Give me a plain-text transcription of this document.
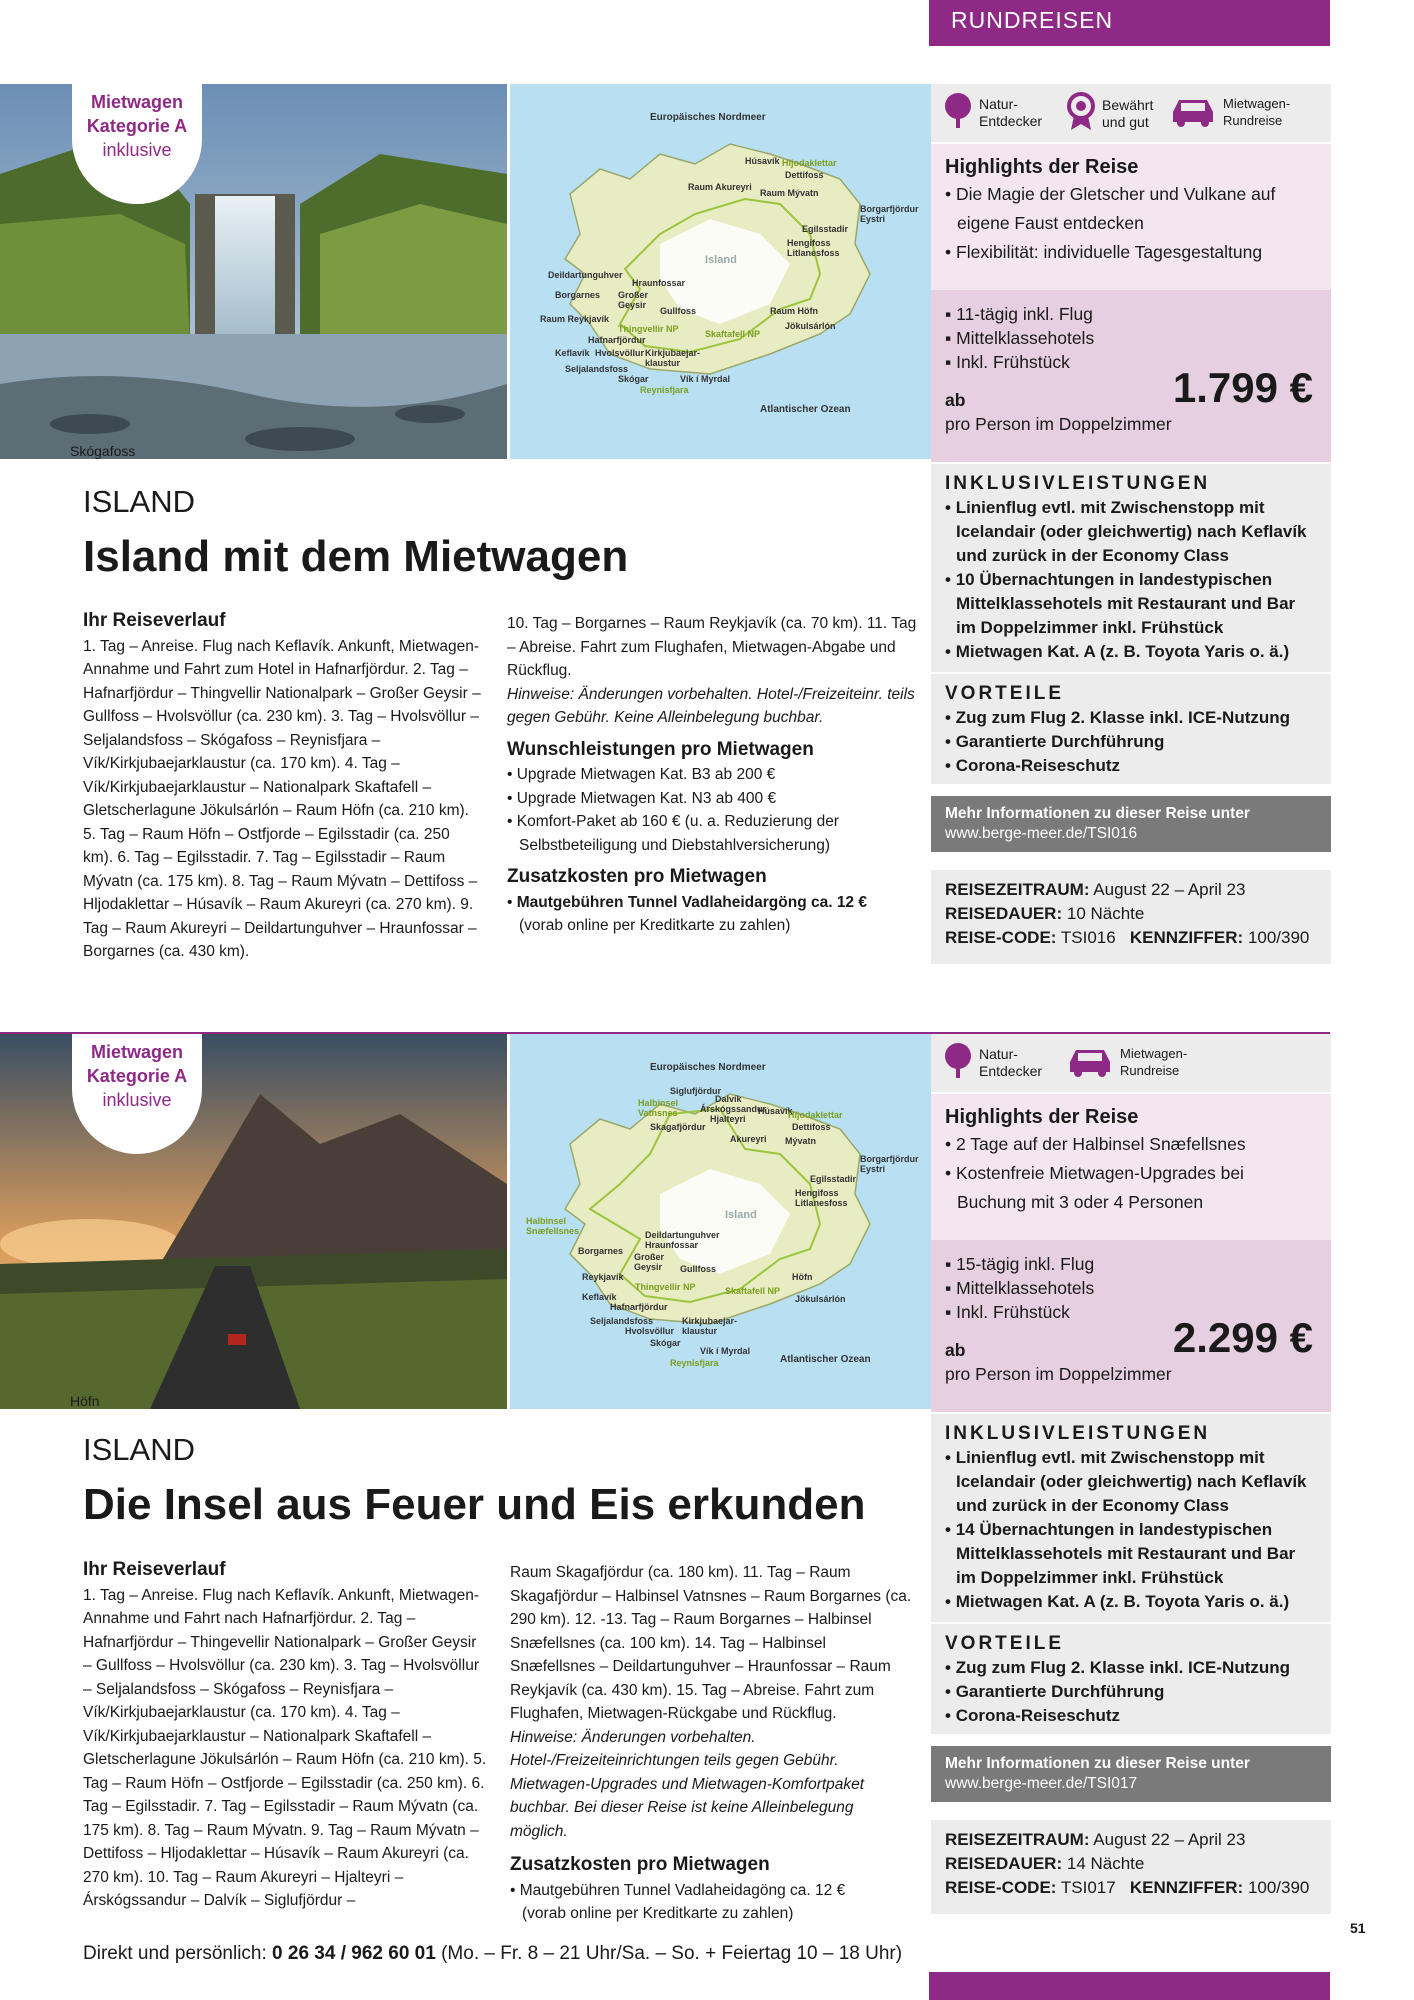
RUNDREISEN
Mietwagen
Kategorie A
inklusive
Skógafoss
Europäisches Nordmeer
Atlantischer Ozean
Island
Húsavík Hljodaklettar
Dettifoss
Raum Akureyri
Raum Mývatn
Borgarfjördur Eystri
Egilsstadir
Hengifoss
Litlanesfoss
Deildartunguhver
Hraunfossar
Borgarnes Großer Geysir
Gullfoss
Raum Reykjavík
Thingvellir NP
Raum Höfn
Hafnarfjördur
Skaftafell NP
Jökulsárlón
Keflavík Hvolsvöllur Kirkjubaejar-klaustur
Seljalandsfoss
Skógar	Vík í Myrdal
Reynisfjara
ISLAND
Island mit dem Mietwagen
Ihr Reiseverlauf
1. Tag – Anreise. Flug nach Keflavík. Ankunft, Mietwagen-Annahme und Fahrt zum Hotel in Hafnarfjördur. 2. Tag – Hafnarfjördur – Thingvellir Nationalpark – Großer Geysir – Gullfoss – Hvolsvöllur (ca. 230 km). 3. Tag – Hvolsvöllur – Seljalandsfoss – Skógafoss – Reynisfjara – Vík/Kirkjubaejarklaustur (ca. 170 km). 4. Tag – Vík/Kirkjubaejarklaustur – Nationalpark Skaftafell – Gletscherlagune Jökulsárlón – Raum Höfn (ca. 210 km). 5. Tag – Raum Höfn – Ostfjorde – Egilsstadir (ca. 250 km). 6. Tag – Egilsstadir. 7. Tag – Egilsstadir – Raum Mývatn (ca. 175 km). 8. Tag – Raum Mývatn – Dettifoss – Hljodaklettar – Húsavík – Raum Akureyri (ca. 270 km). 9. Tag – Raum Akureyri – Deildartunguhver – Hraunfossar – Borgarnes (ca. 430 km).
10. Tag – Borgarnes – Raum Reykjavík (ca. 70 km). 11. Tag – Abreise. Fahrt zum Flughafen, Mietwagen-Abgabe und Rückflug.
Hinweise: Änderungen vorbehalten. Hotel-/Freizeiteinr. teils gegen Gebühr. Keine Alleinbelegung buchbar.
Wunschleistungen pro Mietwagen
• Upgrade Mietwagen Kat. B3 ab 200 €
• Upgrade Mietwagen Kat. N3 ab 400 €
• Komfort-Paket ab 160 € (u. a. Reduzierung der Selbstbeteiligung und Diebstahlversicherung)
Zusatzkosten pro Mietwagen
• Mautgebühren Tunnel Vadlaheidargöng ca. 12 €
(vorab online per Kreditkarte zu zahlen)
Natur-
Entdecker
Bewährt
und gut
Mietwagen-
Rundreise
Highlights der Reise
• Die Magie der Gletscher und Vulkane auf eigene Faust entdecken
• Flexibilität: individuelle Tagesgestaltung
▪ 11-tägig inkl. Flug
▪ Mittelklassehotels
▪ Inkl. Frühstück
ab
pro Person im Doppelzimmer
1.799 €
INKLUSIVLEISTUNGEN
• Linienflug evtl. mit Zwischenstopp mit Icelandair (oder gleichwertig) nach Keflavík und zurück in der Economy Class
• 10 Übernachtungen in landestypischen Mittelklassehotels mit Restaurant und Bar im Doppelzimmer inkl. Frühstück
• Mietwagen Kat. A (z. B. Toyota Yaris o. ä.)
VORTEILE
• Zug zum Flug 2. Klasse inkl. ICE-Nutzung
• Garantierte Durchführung
• Corona-Reiseschutz
Mehr Informationen zu dieser Reise unter
www.berge-meer.de/TSI016
REISEZEITRAUM: August 22 – April 23
REISEDAUER: 10 Nächte
REISE-CODE: TSI016 KENNZIFFER: 100/390
Mietwagen
Kategorie A
inklusive
Höfn
Europäisches Nordmeer
Atlantischer Ozean
Island
Siglufjördur
Dalvík
Halbinsel Vatnsnes	Árskógssandur
Hjalteyri
Skagafjördur
Húsavík
Hljodaklettar
Dettifoss
Borgarfjördur Eystri
Akureyri Mývatn
Egilsstadir
Hengifoss
Litlanesfoss
Halbinsel Snæfellsnes	Deildartunguhver
Hraunfossar
Borgarnes
Großer Geysir	Gullfoss
Reykjavík
Thingvellir NP
Höfn
Keflavík
Hafnarfjördur
Skaftafell NP
Jökulsárlón
Seljalandsfoss
Hvolsvöllur
Kirkjubaejar-klaustur
Skógar
Vík í Myrdal
Reynisfjara
ISLAND
Die Insel aus Feuer und Eis erkunden
Ihr Reiseverlauf
1. Tag – Anreise. Flug nach Keflavík. Ankunft, Mietwagen-Annahme und Fahrt nach Hafnarfjördur. 2. Tag – Hafnarfjördur – Thingevellir Nationalpark – Großer Geysir – Gullfoss – Hvolsvöllur (ca. 230 km). 3. Tag – Hvolsvöllur – Seljalandsfoss – Skógafoss – Reynisfjara – Vík/Kirkjubaejarklaustur (ca. 170 km). 4. Tag – Vík/Kirkjubaejarklaustur – Nationalpark Skaftafell – Gletscherlagune Jökulsárlón – Raum Höfn (ca. 210 km). 5. Tag – Raum Höfn – Ostfjorde – Egilsstadir (ca. 250 km). 6. Tag – Egilsstadir. 7. Tag – Egilsstadir – Raum Mývatn (ca. 175 km). 8. Tag – Raum Mývatn. 9. Tag – Raum Mývatn – Dettifoss – Hljodaklettar – Húsavík – Raum Akureyri (ca. 270 km). 10. Tag – Raum Akureyri – Hjalteyri – Árskógssandur – Dalvík – Siglufjördur –
Raum Skagafjördur (ca. 180 km). 11. Tag – Raum Skagafjördur – Halbinsel Vatnsnes – Raum Borgarnes (ca. 290 km). 12. -13. Tag – Raum Borgarnes – Halbinsel Snæfellsnes (ca. 100 km). 14. Tag – Halbinsel Snæfellsnes – Deildartunguhver – Hraunfossar – Raum Reykjavík (ca. 430 km). 15. Tag – Abreise. Fahrt zum Flughafen, Mietwagen-Rückgabe und Rückflug.
Hinweise: Änderungen vorbehalten. Hotel-/Freizeiteinrichtungen teils gegen Gebühr. Mietwagen-Upgrades und Mietwagen-Komfortpaket buchbar. Bei dieser Reise ist keine Alleinbelegung möglich.
Zusatzkosten pro Mietwagen
• Mautgebühren Tunnel Vadlaheidagöng ca. 12 €
(vorab online per Kreditkarte zu zahlen)
Natur-
Entdecker
Mietwagen-
Rundreise
Highlights der Reise
• 2 Tage auf der Halbinsel Snæfellsnes
• Kostenfreie Mietwagen-Upgrades bei Buchung mit 3 oder 4 Personen
▪ 15-tägig inkl. Flug
▪ Mittelklassehotels
▪ Inkl. Frühstück
ab
pro Person im Doppelzimmer
2.299 €
INKLUSIVLEISTUNGEN
• Linienflug evtl. mit Zwischenstopp mit Icelandair (oder gleichwertig) nach Keflavík und zurück in der Economy Class
• 14 Übernachtungen in landestypischen Mittelklassehotels mit Restaurant und Bar im Doppelzimmer inkl. Frühstück
• Mietwagen Kat. A (z. B. Toyota Yaris o. ä.)
VORTEILE
• Zug zum Flug 2. Klasse inkl. ICE-Nutzung
• Garantierte Durchführung
• Corona-Reiseschutz
Mehr Informationen zu dieser Reise unter
www.berge-meer.de/TSI017
REISEZEITRAUM: August 22 – April 23
REISEDAUER: 14 Nächte
REISE-CODE: TSI017 KENNZIFFER: 100/390
51
Direkt und persönlich: 0 26 34 / 962 60 01 (Mo. – Fr. 8 – 21 Uhr/Sa. – So. + Feiertag 10 – 18 Uhr)
